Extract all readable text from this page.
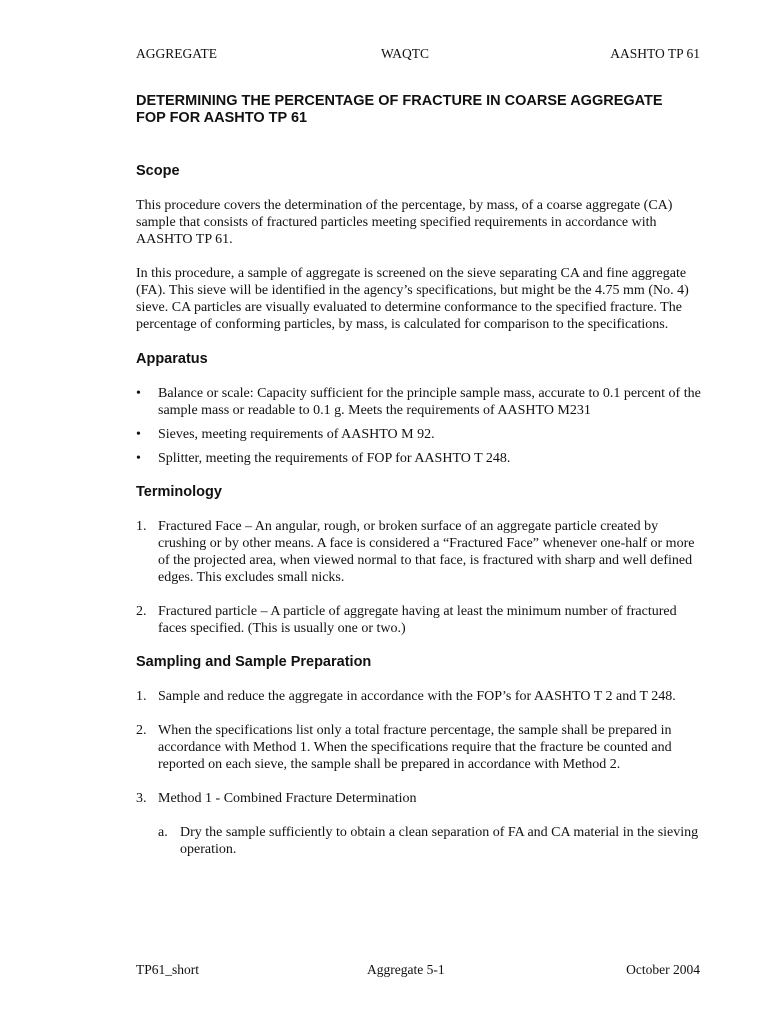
AGGREGATE	WAQTC	AASHTO TP 61
DETERMINING THE PERCENTAGE OF FRACTURE IN COARSE AGGREGATE
FOP FOR AASHTO TP 61
Scope

This procedure covers the determination of the percentage, by mass, of a coarse aggregate (CA) sample that consists of fractured particles meeting specified requirements in accordance with AASHTO TP 61.

In this procedure, a sample of aggregate is screened on the sieve separating CA and fine aggregate (FA). This sieve will be identified in the agency’s specifications, but might be the 4.75 mm (No. 4) sieve. CA particles are visually evaluated to determine conformance to the specified fracture. The percentage of conforming particles, by mass, is calculated for comparison to the specifications.

Apparatus
• Balance or scale: Capacity sufficient for the principle sample mass, accurate to 0.1 percent of the sample mass or readable to 0.1 g. Meets the requirements of AASHTO M231
• Sieves, meeting requirements of AASHTO M 92.
• Splitter, meeting the requirements of FOP for AASHTO T 248.
Terminology
1. Fractured Face – An angular, rough, or broken surface of an aggregate particle created by crushing or by other means. A face is considered a “Fractured Face” whenever one-half or more of the projected area, when viewed normal to that face, is fractured with sharp and well defined edges. This excludes small nicks.
2. Fractured particle – A particle of aggregate having at least the minimum number of fractured faces specified. (This is usually one or two.)
Sampling and Sample Preparation
1. Sample and reduce the aggregate in accordance with the FOP’s for AASHTO T 2 and T 248.
2. When the specifications list only a total fracture percentage, the sample shall be prepared in accordance with Method 1. When the specifications require that the fracture be counted and reported on each sieve, the sample shall be prepared in accordance with Method 2.
3. Method 1 - Combined Fracture Determination
a. Dry the sample sufficiently to obtain a clean separation of FA and CA material in the sieving operation.
TP61_short	Aggregate 5-1	October 2004
